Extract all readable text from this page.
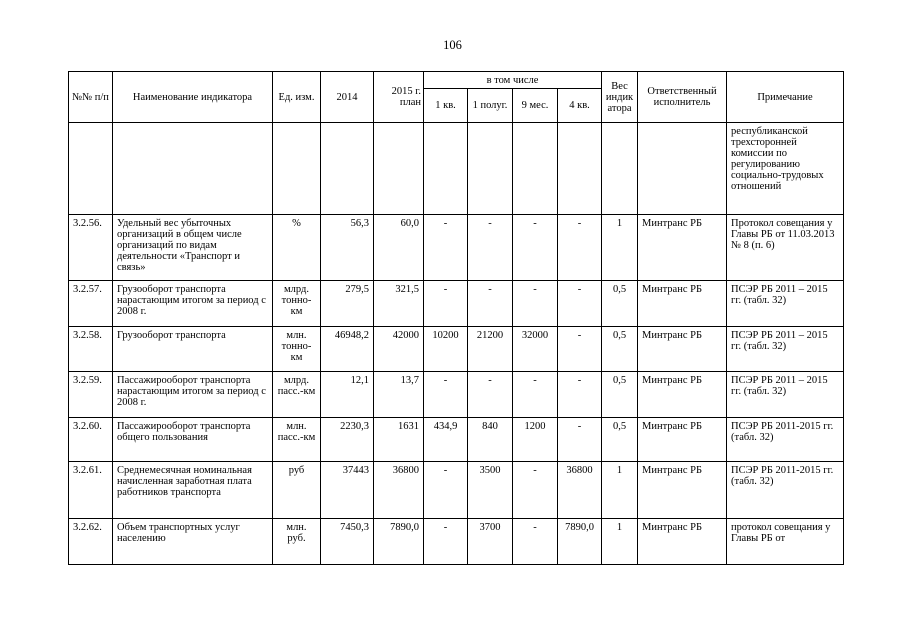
106
№№ п/п	Наименование индикатора	Ед. изм.	2014	2015 г. план	в том числе				Вес индик атора	Ответственный исполнитель	Примечание
					1 кв.	1 полуг.	9 мес.	4 кв.			
											республиканской трехсторонней комиссии по регулированию социально-трудовых отношений
3.2.56.	Удельный вес убыточных организаций в общем числе организаций по видам деятельности «Транспорт и связь»	%	56,3	60,0	-	-	-	-	1	Минтранс РБ	Протокол совещания у Главы РБ от 11.03.2013 № 8 (п. 6)
3.2.57.	Грузооборот транспорта нарастающим итогом за период с 2008 г.	млрд. тонно-км	279,5	321,5	-	-	-	-	0,5	Минтранс РБ	ПСЭР РБ 2011 – 2015 гг. (табл. 32)
3.2.58.	Грузооборот транспорта	млн. тонно-км	46948,2	42000	10200	21200	32000	-	0,5	Минтранс РБ	ПСЭР РБ 2011 – 2015 гг. (табл. 32)
3.2.59.	Пассажирооборот транспорта нарастающим итогом за период с 2008 г.	млрд. пасс.-км	12,1	13,7	-	-	-	-	0,5	Минтранс РБ	ПСЭР РБ 2011 – 2015 гг. (табл. 32)
3.2.60.	Пассажирооборот транспорта общего пользования	млн. пасс.-км	2230,3	1631	434,9	840	1200	-	0,5	Минтранс РБ	ПСЭР РБ 2011-2015 гг. (табл. 32)
3.2.61.	Среднемесячная номинальная начисленная заработная плата работников транспорта	руб	37443	36800	-	3500	-	36800	1	Минтранс РБ	ПСЭР РБ 2011-2015 гг. (табл. 32)
3.2.62.	Объем транспортных услуг населению	млн. руб.	7450,3	7890,0	-	3700	-	7890,0	1	Минтранс РБ	протокол совещания у Главы РБ от
